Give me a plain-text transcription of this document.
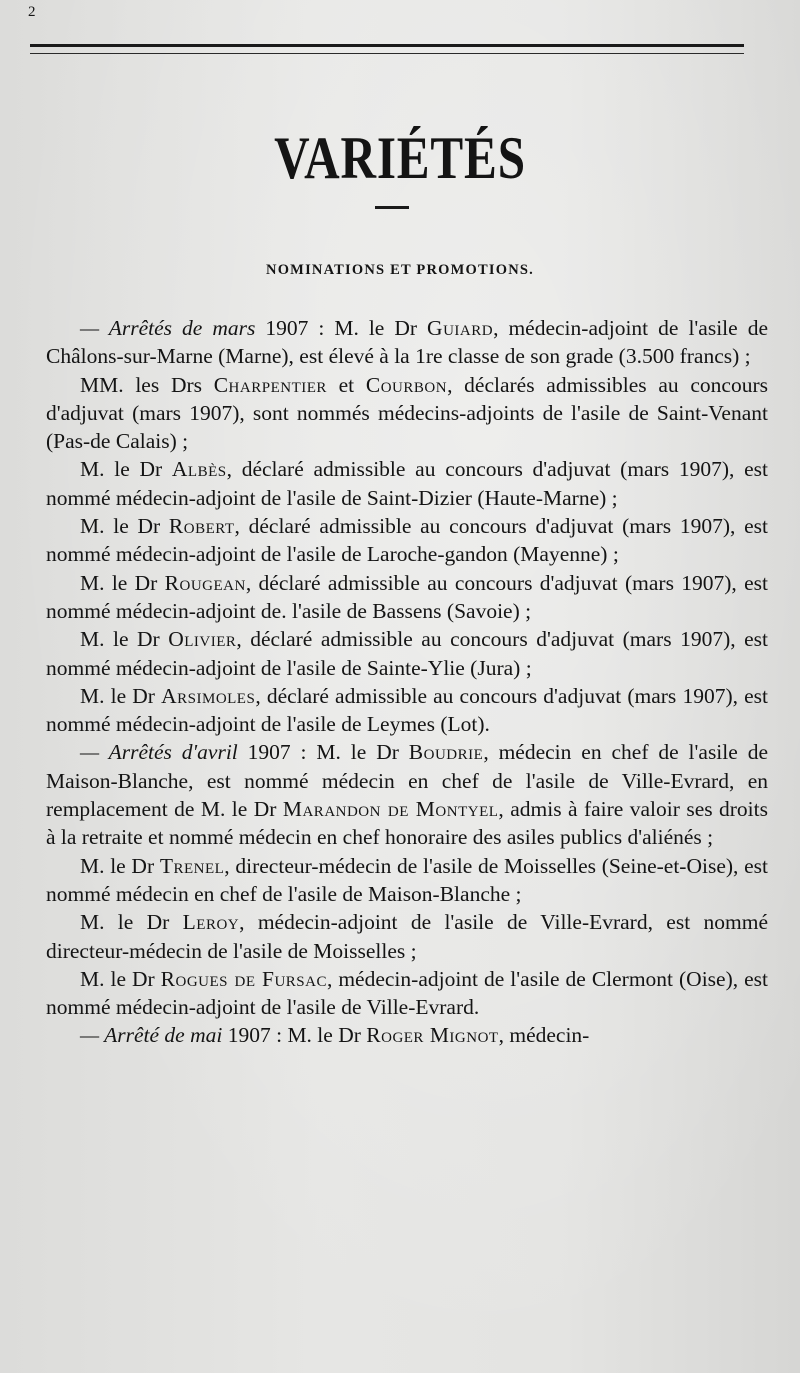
2
VARIÉTÉS
NOMINATIONS ET PROMOTIONS.

— Arrêtés de mars 1907 : M. le Dr Guiard, médecin-adjoint de l'asile de Châlons-sur-Marne (Marne), est élevé à la 1re classe de son grade (3.500 francs) ;

MM. les Drs Charpentier et Courbon, déclarés admissibles au concours d'adjuvat (mars 1907), sont nommés médecins-adjoints de l'asile de Saint-Venant (Pas-de Calais) ;

M. le Dr Albès, déclaré admissible au concours d'adjuvat (mars 1907), est nommé médecin-adjoint de l'asile de Saint-Dizier (Haute-Marne) ;

M. le Dr Robert, déclaré admissible au concours d'adjuvat (mars 1907), est nommé médecin-adjoint de l'asile de Laroche-gandon (Mayenne) ;

M. le Dr Rougean, déclaré admissible au concours d'adjuvat (mars 1907), est nommé médecin-adjoint de. l'asile de Bassens (Savoie) ;

M. le Dr Olivier, déclaré admissible au concours d'adjuvat (mars 1907), est nommé médecin-adjoint de l'asile de Sainte-Ylie (Jura) ;

M. le Dr Arsimoles, déclaré admissible au concours d'adjuvat (mars 1907), est nommé médecin-adjoint de l'asile de Leymes (Lot).

— Arrêtés d'avril 1907 : M. le Dr Boudrie, médecin en chef de l'asile de Maison-Blanche, est nommé médecin en chef de l'asile de Ville-Evrard, en remplacement de M. le Dr Marandon de Montyel, admis à faire valoir ses droits à la retraite et nommé médecin en chef honoraire des asiles publics d'aliénés ;

M. le Dr Trenel, directeur-médecin de l'asile de Moisselles (Seine-et-Oise), est nommé médecin en chef de l'asile de Maison-Blanche ;

M. le Dr Leroy, médecin-adjoint de l'asile de Ville-Evrard, est nommé directeur-médecin de l'asile de Moisselles ;

M. le Dr Rogues de Fursac, médecin-adjoint de l'asile de Clermont (Oise), est nommé médecin-adjoint de l'asile de Ville-Evrard.

— Arrêté de mai 1907 : M. le Dr Roger Mignot, médecin-
